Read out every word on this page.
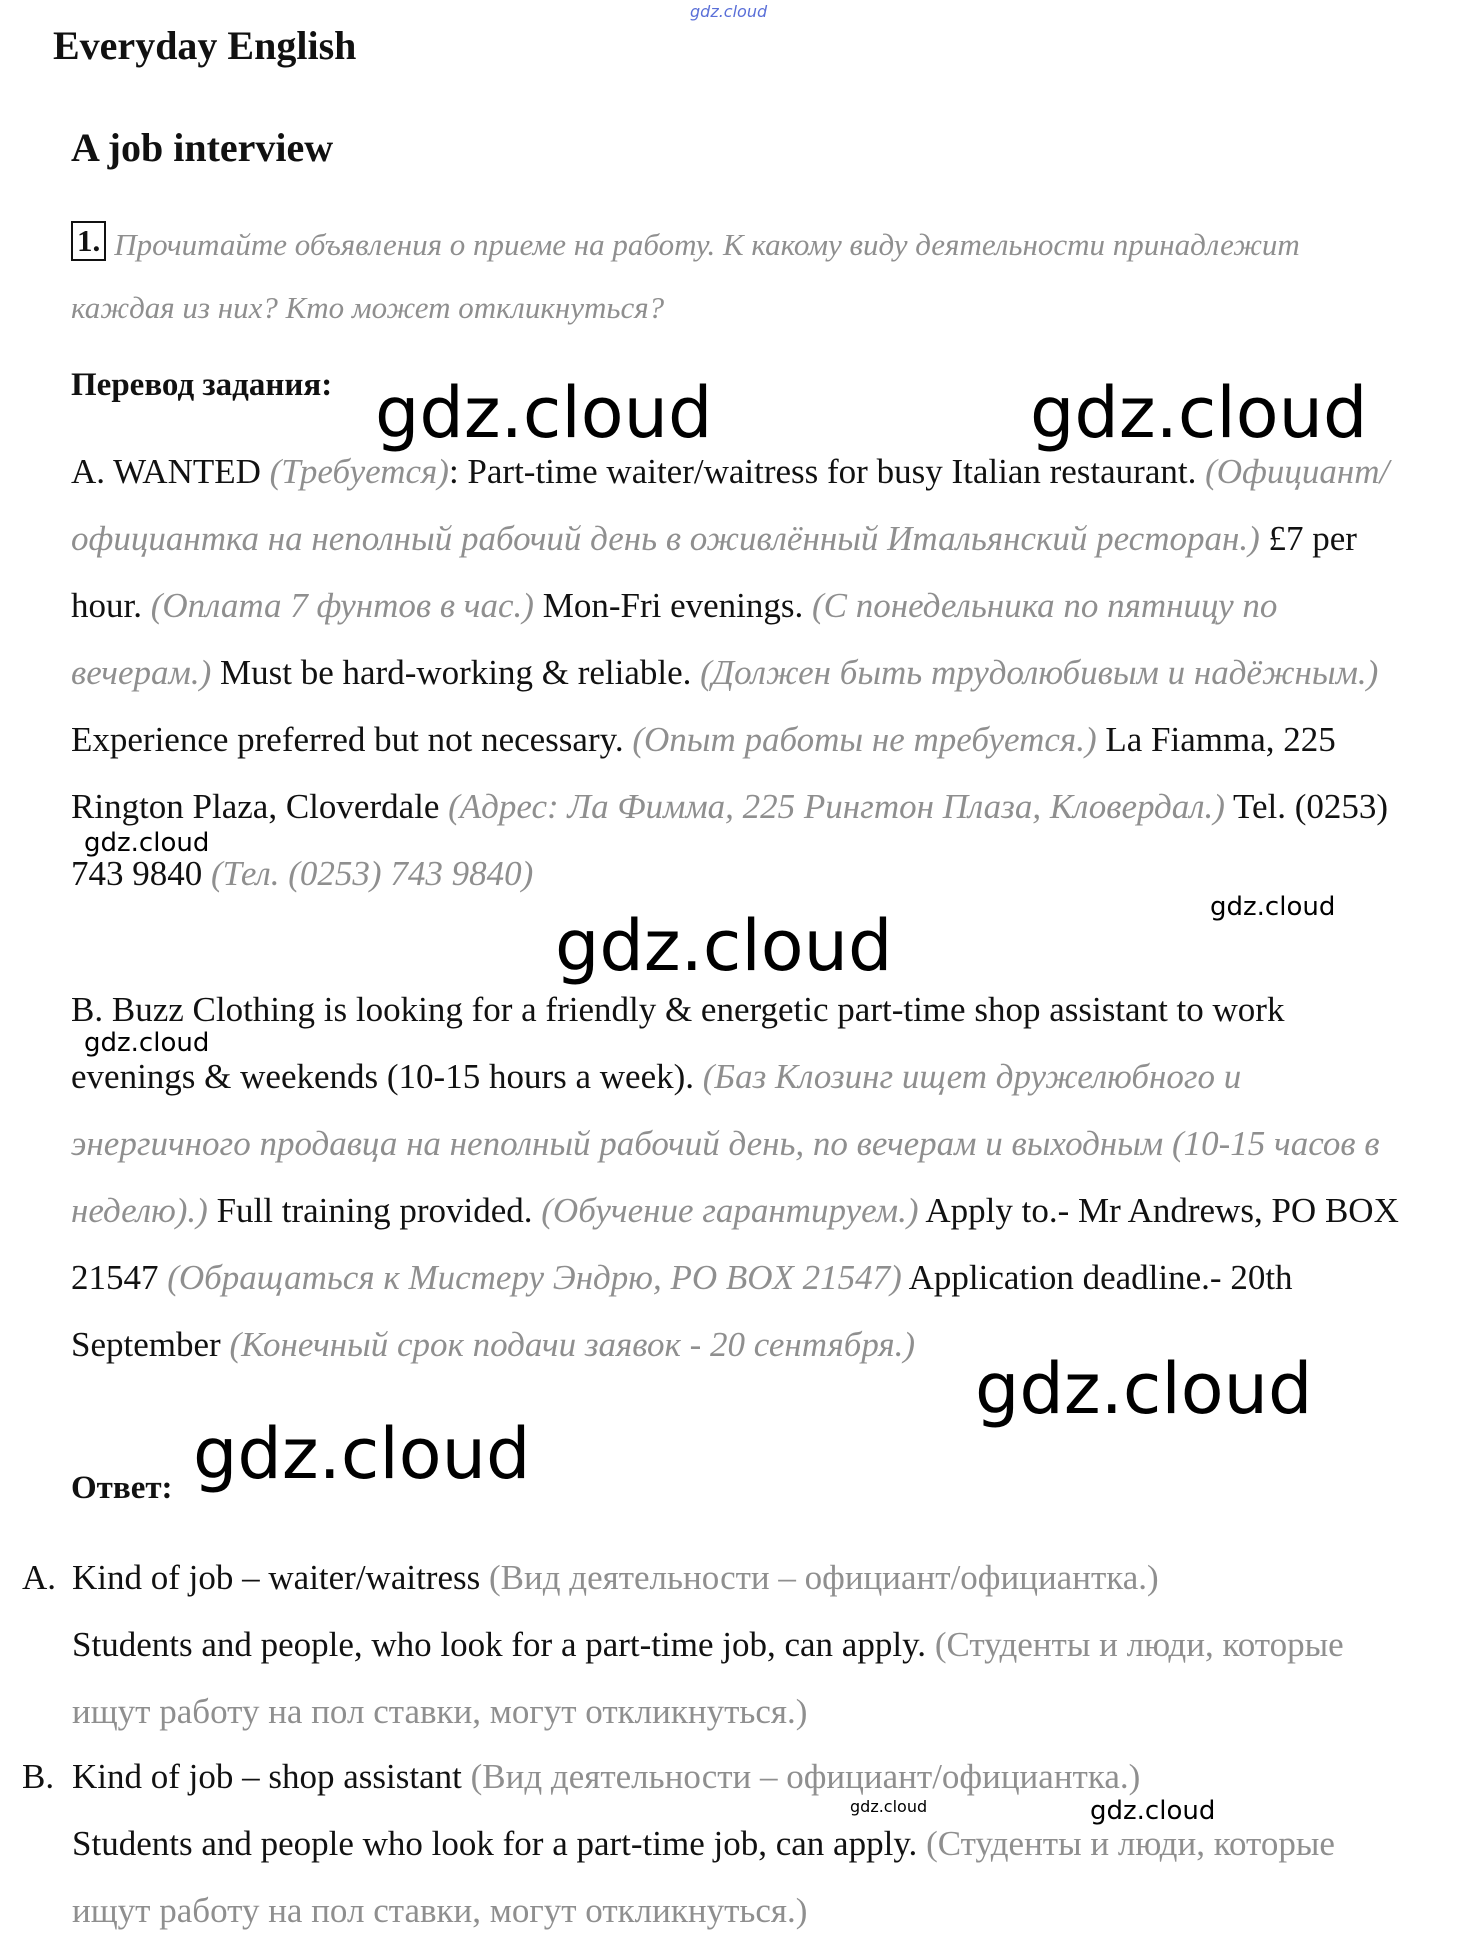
Everyday English
A job interview
1. Прочитайте объявления о приеме на работу. К какому виду деятельности принадлежит каждая из них? Кто может откликнуться?
Перевод задания:
A. WANTED (Требуется): Part-time waiter/waitress for busy Italian restaurant. (Официант/официантка на неполный рабочий день в оживлённый Итальянский ресторан.) £7 per hour. (Оплата 7 фунтов в час.) Mon-Fri evenings. (С понедельника по пятницу по вечерам.) Must be hard-working & reliable. (Должен быть трудолюбивым и надёжным.) Experience preferred but not necessary. (Опыт работы не требуется.) La Fiamma, 225 Rington Plaza, Cloverdale (Адрес: Ла Фимма, 225 Рингтон Плаза, Кловердал.) Tel. (0253) 743 9840 (Тел. (0253) 743 9840)
B. Buzz Clothing is looking for a friendly & energetic part-time shop assistant to work evenings & weekends (10-15 hours a week). (Баз Клозинг ищет дружелюбного и энергичного продавца на неполный рабочий день, по вечерам и выходным (10-15 часов в неделю).) Full training provided. (Обучение гарантируем.) Apply to.- Mr Andrews, PO BOX 21547 (Обращаться к Мистеру Эндрю, PO BOX 21547) Application deadline.- 20th September (Конечный срок подачи заявок - 20 сентября.)
Ответ:
A. Kind of job – waiter/waitress (Вид деятельности – официант/официантка.)
Students and people, who look for a part-time job, can apply. (Студенты и люди, которые ищут работу на пол ставки, могут откликнуться.)
B. Kind of job – shop assistant (Вид деятельности – официант/официантка.)
Students and people who look for a part-time job, can apply. (Студенты и люди, которые ищут работу на пол ставки, могут откликнуться.)
gdz.cloud
gdz.cloud	gdz.cloud
gdz.cloud
gdz.cloud
gdz.cloud
gdz.cloud
gdz.cloud
gdz.cloud
gdz.cloud	gdz.cloud
